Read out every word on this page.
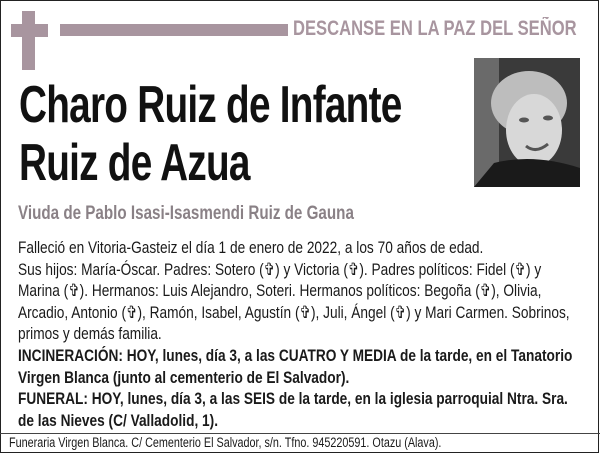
DESCANSE EN LA PAZ DEL SEÑOR
Charo Ruiz de Infante
Ruiz de Azua
Viuda de Pablo Isasi-Isasmendi Ruiz de Gauna

Falleció en Vitoria-Gasteiz el día 1 de enero de 2022, a los 70 años de edad.

Sus hijos: María-Óscar. Padres: Sotero (✞) y Victoria (✞). Padres políticos: Fidel (✞) y Marina (✞). Hermanos: Luis Alejandro, Soteri. Hermanos políticos: Begoña (✞), Olivia, Arcadio, Antonio (✞), Ramón, Isabel, Agustín (✞), Juli, Ángel (✞) y Mari Carmen. Sobrinos, primos y demás familia.

INCINERACIÓN: HOY, lunes, día 3, a las CUATRO Y MEDIA de la tarde, en el Tanatorio Virgen Blanca (junto al cementerio de El Salvador).

FUNERAL: HOY, lunes, día 3, a las SEIS de la tarde, en la iglesia parroquial Ntra. Sra. de las Nieves (C/ Valladolid, 1).

Funeraria Virgen Blanca. C/ Cementerio El Salvador, s/n. Tfno. 945220591. Otazu (Alava).
